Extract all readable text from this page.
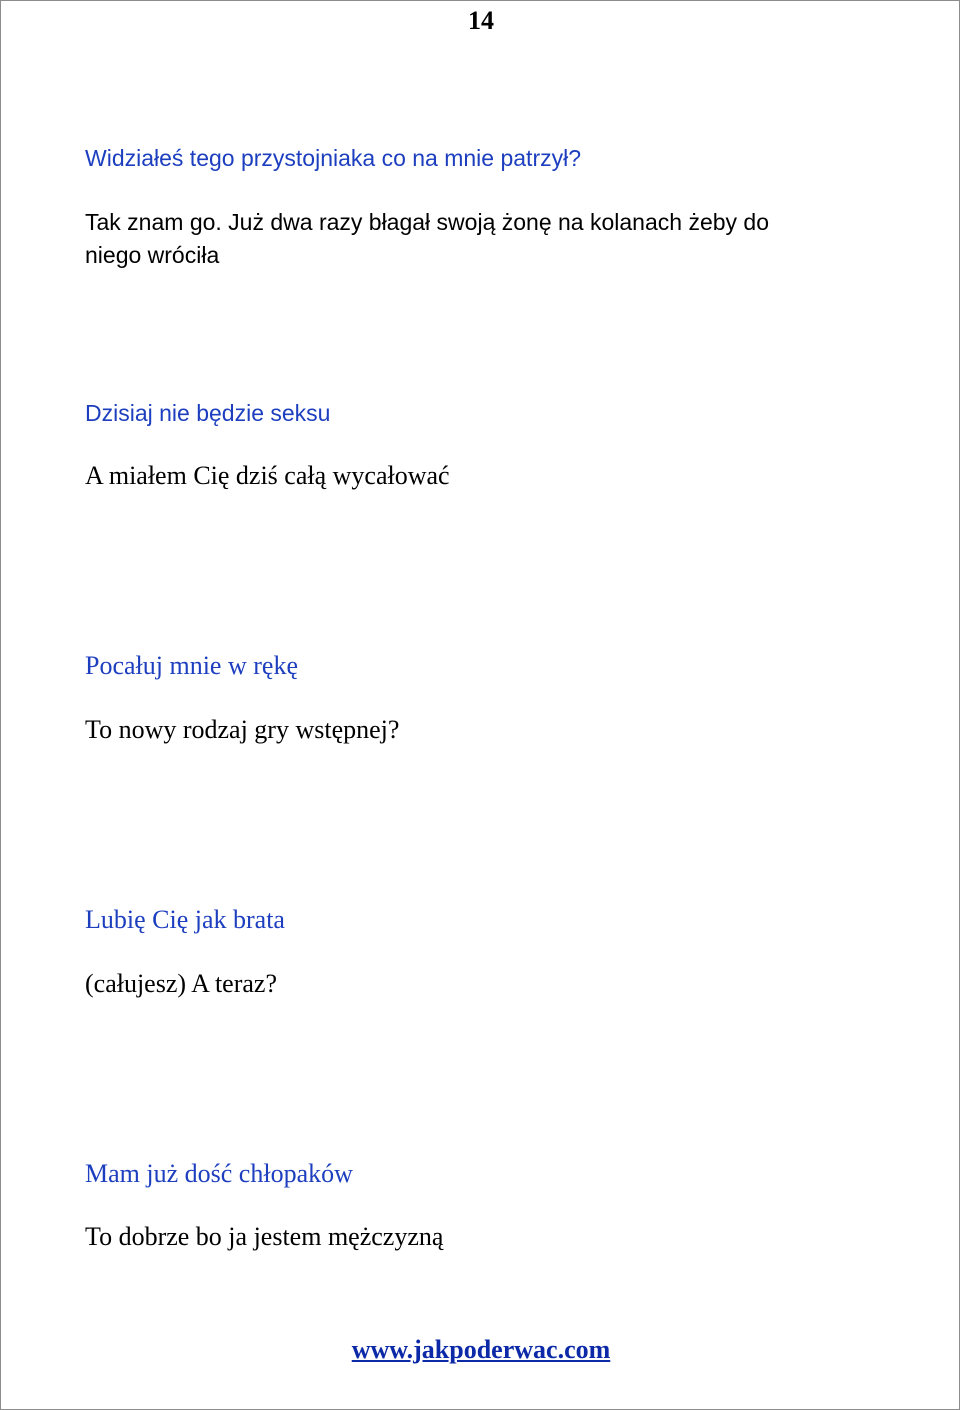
14
Widziałeś tego przystojniaka co na mnie patrzył?
Tak znam go. Już dwa razy błagał swoją żonę na kolanach żeby do
niego wróciła
Dzisiaj nie będzie seksu
A miałem Cię dziś całą wycałować
Pocałuj mnie w rękę
To nowy rodzaj gry wstępnej?
Lubię Cię jak brata
(całujesz) A teraz?
Mam już dość chłopaków
To dobrze bo ja jestem mężczyzną
www.jakpoderwac.com
